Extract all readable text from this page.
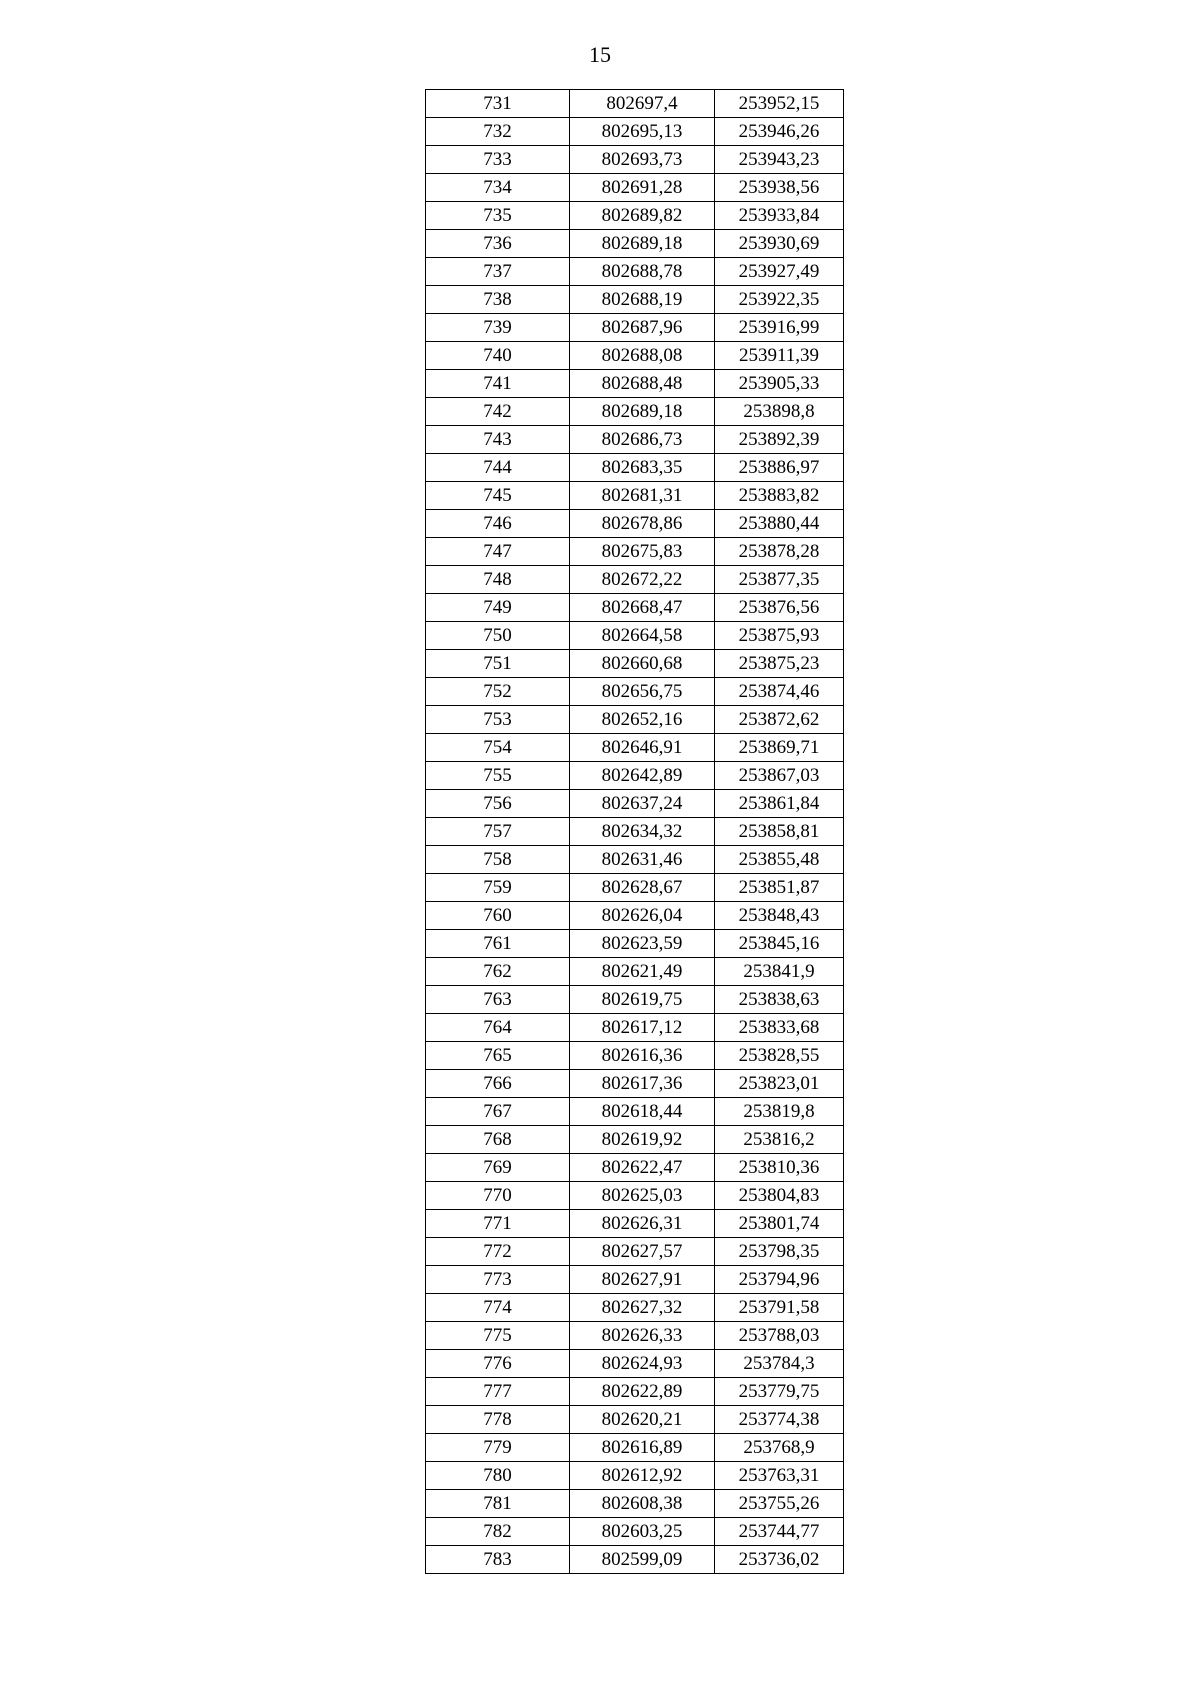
15
731	802697,4	253952,15
732	802695,13	253946,26
733	802693,73	253943,23
734	802691,28	253938,56
735	802689,82	253933,84
736	802689,18	253930,69
737	802688,78	253927,49
738	802688,19	253922,35
739	802687,96	253916,99
740	802688,08	253911,39
741	802688,48	253905,33
742	802689,18	253898,8
743	802686,73	253892,39
744	802683,35	253886,97
745	802681,31	253883,82
746	802678,86	253880,44
747	802675,83	253878,28
748	802672,22	253877,35
749	802668,47	253876,56
750	802664,58	253875,93
751	802660,68	253875,23
752	802656,75	253874,46
753	802652,16	253872,62
754	802646,91	253869,71
755	802642,89	253867,03
756	802637,24	253861,84
757	802634,32	253858,81
758	802631,46	253855,48
759	802628,67	253851,87
760	802626,04	253848,43
761	802623,59	253845,16
762	802621,49	253841,9
763	802619,75	253838,63
764	802617,12	253833,68
765	802616,36	253828,55
766	802617,36	253823,01
767	802618,44	253819,8
768	802619,92	253816,2
769	802622,47	253810,36
770	802625,03	253804,83
771	802626,31	253801,74
772	802627,57	253798,35
773	802627,91	253794,96
774	802627,32	253791,58
775	802626,33	253788,03
776	802624,93	253784,3
777	802622,89	253779,75
778	802620,21	253774,38
779	802616,89	253768,9
780	802612,92	253763,31
781	802608,38	253755,26
782	802603,25	253744,77
783	802599,09	253736,02
